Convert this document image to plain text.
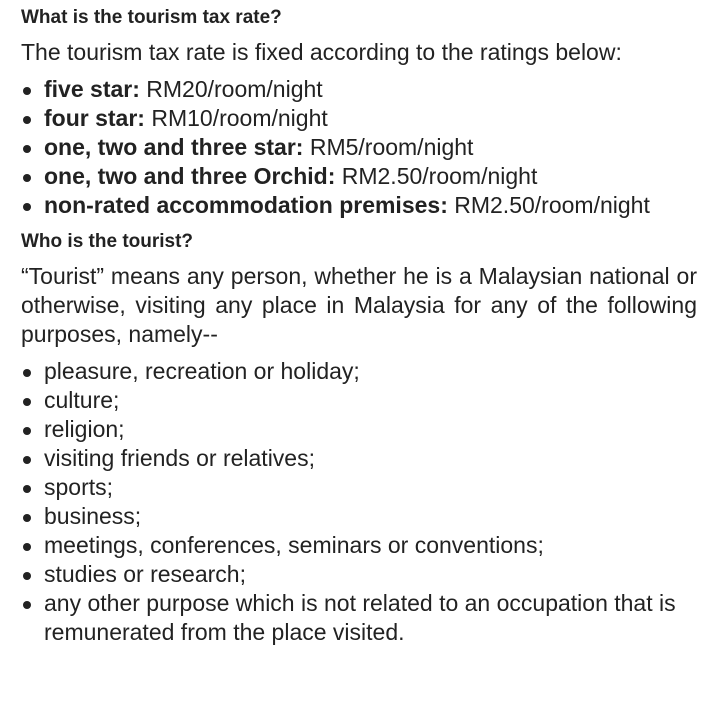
What is the tourism tax rate?

The tourism tax rate is fixed according to the ratings below:

five star: RM20/room/night
four star: RM10/room/night
one, two and three star: RM5/room/night
one, two and three Orchid: RM2.50/room/night
non-rated accommodation premises: RM2.50/room/night
Who is the tourist?

“Tourist” means any person, whether he is a Malaysian national or otherwise, visiting any place in Malaysia for any of the following purposes, namely--

pleasure, recreation or holiday;
culture;
religion;
visiting friends or relatives;
sports;
business;
meetings, conferences, seminars or conventions;
studies or research;
any other purpose which is not related to an occupation that is remunerated from the place visited.
